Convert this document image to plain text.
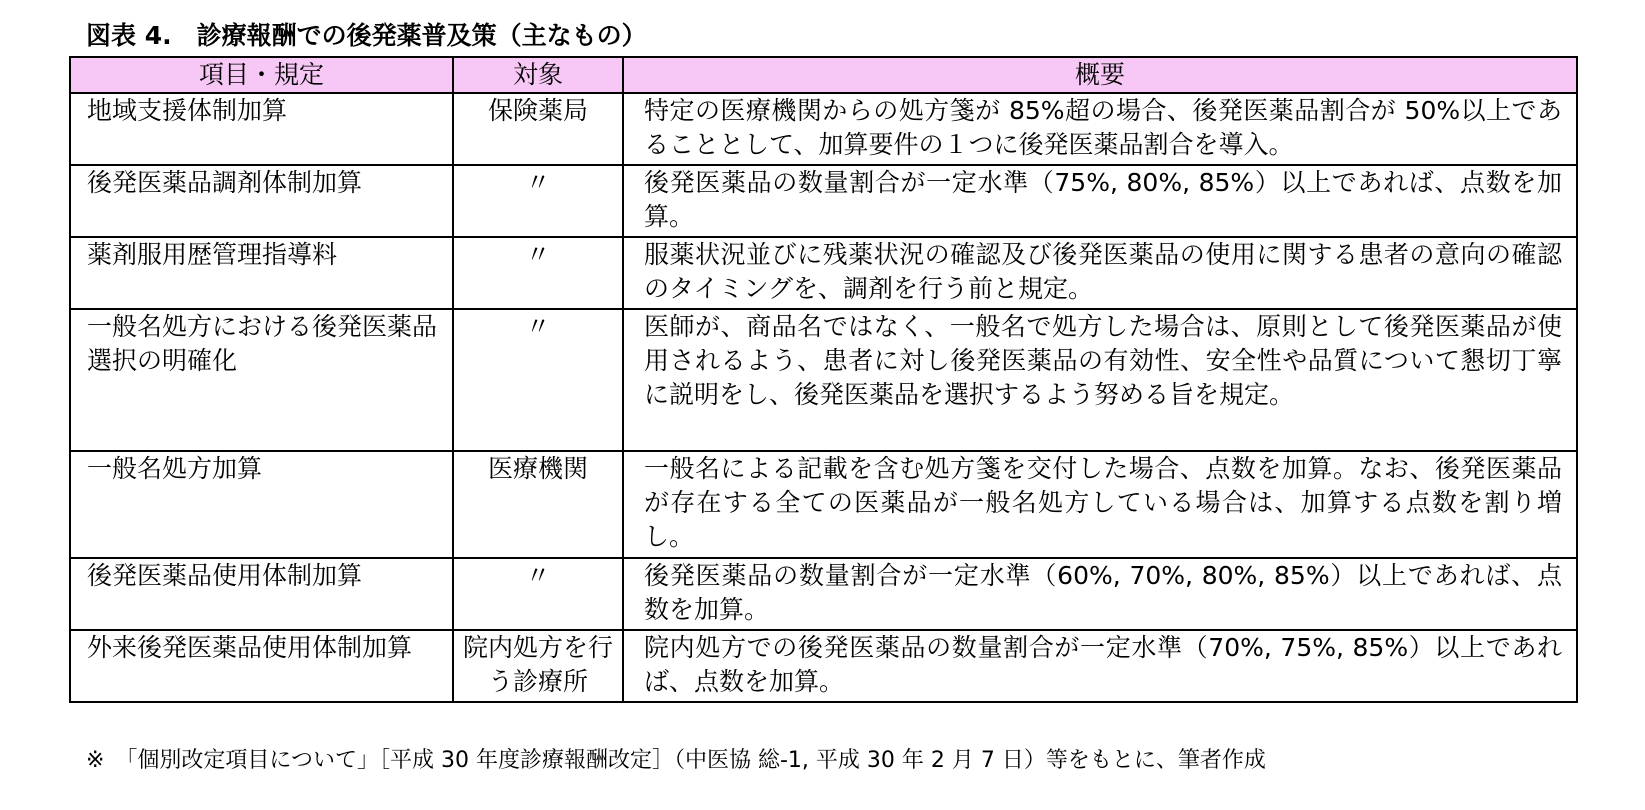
図表 4.　診療報酬での後発薬普及策（主なもの）
項目・規定	対象	概要
地域支援体制加算	保険薬局	特定の医療機関からの処方箋が 85%超の場合、後発医薬品割合が 50%以上であることとして、加算要件の１つに後発医薬品割合を導入。
後発医薬品調剤体制加算	〃	後発医薬品の数量割合が一定水準（75%, 80%, 85%）以上であれば、点数を加算。
薬剤服用歴管理指導料	〃	服薬状況並びに残薬状況の確認及び後発医薬品の使用に関する患者の意向の確認のタイミングを、調剤を行う前と規定。
一般名処方における後発医薬品選択の明確化	〃	医師が、商品名ではなく、一般名で処方した場合は、原則として後発医薬品が使用されるよう、患者に対し後発医薬品の有効性、安全性や品質について懇切丁寧に説明をし、後発医薬品を選択するよう努める旨を規定。
一般名処方加算	医療機関	一般名による記載を含む処方箋を交付した場合、点数を加算。なお、後発医薬品が存在する全ての医薬品が一般名処方している場合は、加算する点数を割り増し。
後発医薬品使用体制加算	〃	後発医薬品の数量割合が一定水準（60%, 70%, 80%, 85%）以上であれば、点数を加算。
外来後発医薬品使用体制加算	院内処方を行う診療所	院内処方での後発医薬品の数量割合が一定水準（70%, 75%, 85%）以上であれば、点数を加算。
※　「個別改定項目について」［平成 30 年度診療報酬改定］（中医協 総-1, 平成 30 年 2 月 7 日）等をもとに、筆者作成
